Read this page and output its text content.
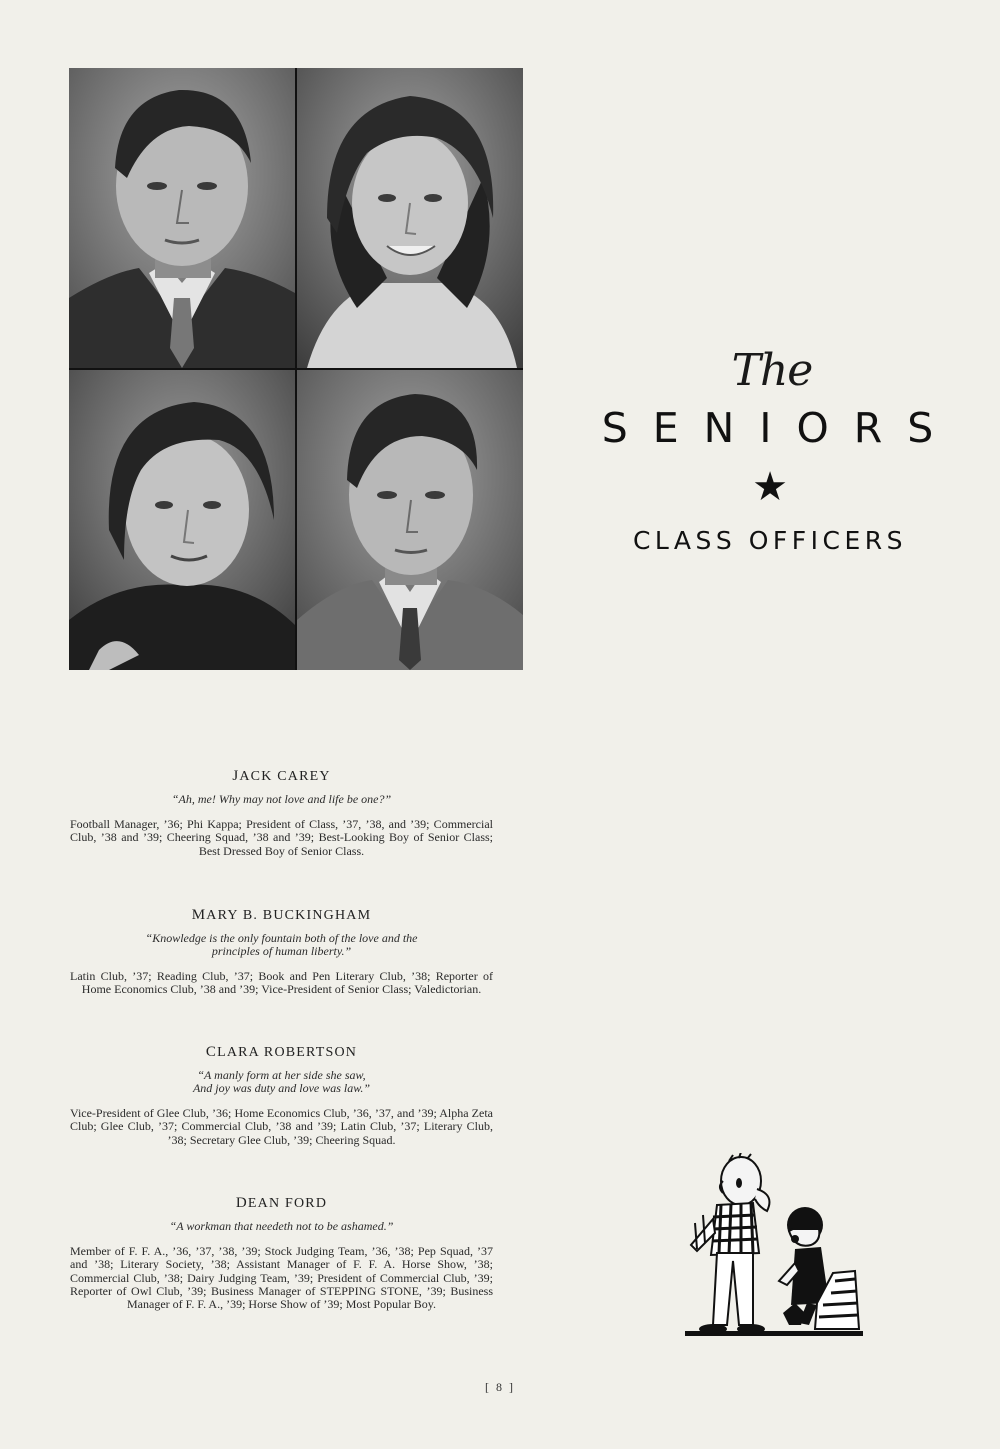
The
SENIORS
★
CLASS OFFICERS
JACK CAREY
“Ah, me! Why may not love and life be one?”
Football Manager, ’36; Phi Kappa; President of Class, ’37, ’38, and ’39; Commercial Club, ’38 and ’39; Cheering Squad, ’38 and ’39; Best-Looking Boy of Senior Class; Best Dressed Boy of Senior Class.
MARY B. BUCKINGHAM
“Knowledge is the only fountain both of the love and the
principles of human liberty.”
Latin Club, ’37; Reading Club, ’37; Book and Pen Literary Club, ’38; Reporter of Home Economics Club, ’38 and ’39; Vice-President of Senior Class; Valedictorian.
CLARA ROBERTSON
“A manly form at her side she saw,
And joy was duty and love was law.”
Vice-President of Glee Club, ’36; Home Economics Club, ’36, ’37, and ’39; Alpha Zeta Club; Glee Club, ’37; Commercial Club, ’38 and ’39; Latin Club, ’37; Literary Club, ’38; Secretary Glee Club, ’39; Cheering Squad.
DEAN FORD
“A workman that needeth not to be ashamed.”
Member of F. F. A., ’36, ’37, ’38, ’39; Stock Judging Team, ’36, ’38; Pep Squad, ’37 and ’38; Literary Society, ’38; Assistant Manager of F. F. A. Horse Show, ’38; Commercial Club, ’38; Dairy Judging Team, ’39; President of Commercial Club, ’39; Reporter of Owl Club, ’39; Business Manager of STEPPING STONE, ’39; Business Manager of F. F. A., ’39; Horse Show of ’39; Most Popular Boy.
[ 8 ]
